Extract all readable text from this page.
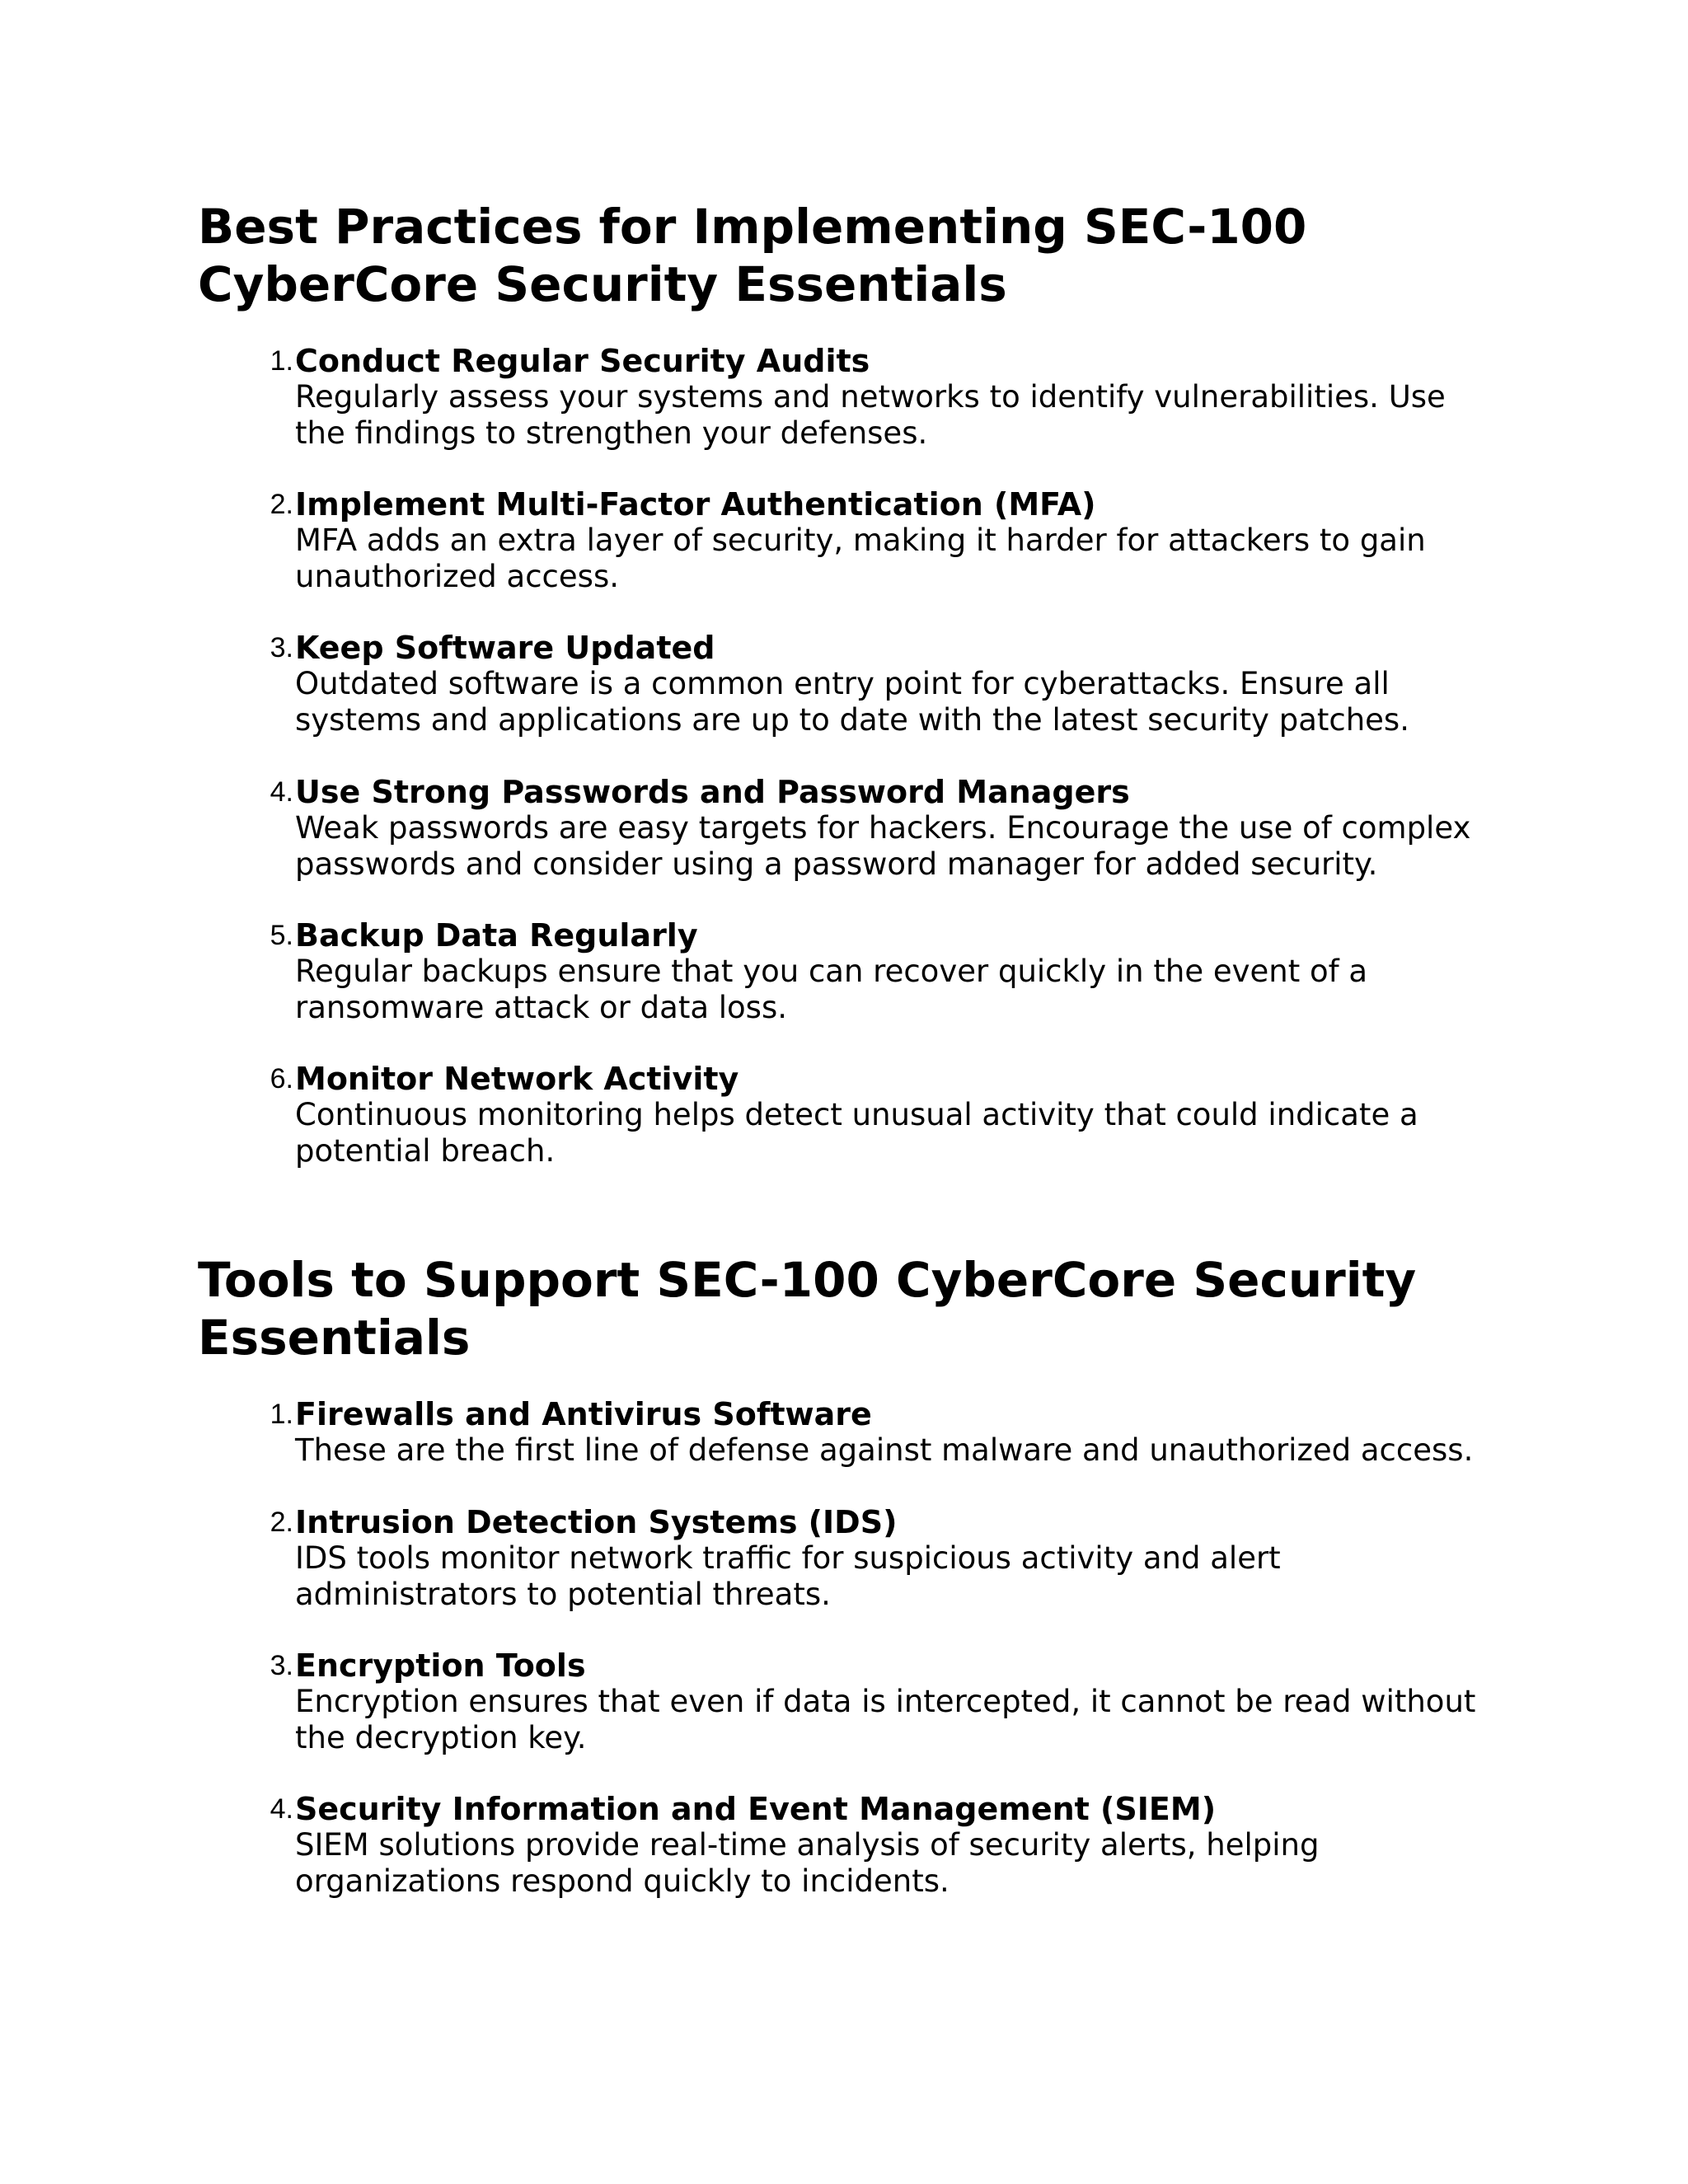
Best Practices for Implementing SEC-100
CyberCore Security Essentials
1. Conduct Regular Security Audits
Regularly assess your systems and networks to identify vulnerabilities. Use
the findings to strengthen your defenses.
2. Implement Multi-Factor Authentication (MFA)
MFA adds an extra layer of security, making it harder for attackers to gain
unauthorized access.
3. Keep Software Updated
Outdated software is a common entry point for cyberattacks. Ensure all
systems and applications are up to date with the latest security patches.
4. Use Strong Passwords and Password Managers
Weak passwords are easy targets for hackers. Encourage the use of complex
passwords and consider using a password manager for added security.
5. Backup Data Regularly
Regular backups ensure that you can recover quickly in the event of a
ransomware attack or data loss.
6. Monitor Network Activity
Continuous monitoring helps detect unusual activity that could indicate a
potential breach.
Tools to Support SEC-100 CyberCore Security
Essentials
1. Firewalls and Antivirus Software
These are the first line of defense against malware and unauthorized access.
2. Intrusion Detection Systems (IDS)
IDS tools monitor network traffic for suspicious activity and alert
administrators to potential threats.
3. Encryption Tools
Encryption ensures that even if data is intercepted, it cannot be read without
the decryption key.
4. Security Information and Event Management (SIEM)
SIEM solutions provide real-time analysis of security alerts, helping
organizations respond quickly to incidents.
